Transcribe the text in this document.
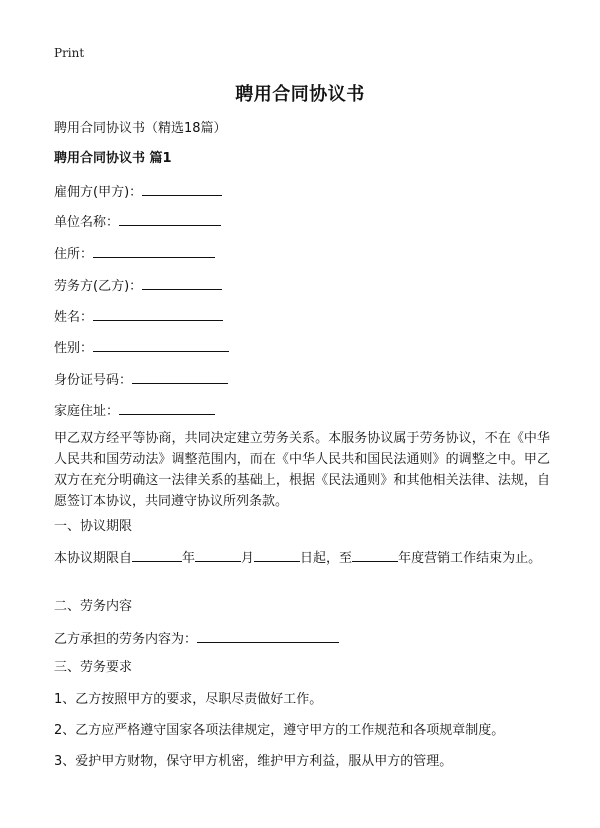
Print
聘用合同协议书
聘用合同协议书（精选18篇）
聘用合同协议书 篇1
雇佣方(甲方)：
单位名称：
住所：
劳务方(乙方)：
姓名：
性别：
身份证号码：
家庭住址：
甲乙双方经平等协商，共同决定建立劳务关系。本服务协议属于劳务协议，不在《中华人民共和国劳动法》调整范围内，而在《中华人民共和国民法通则》的调整之中。甲乙双方在充分明确这一法律关系的基础上，根据《民法通则》和其他相关法律、法规，自愿签订本协议，共同遵守协议所列条款。
一、协议期限
本协议期限自	年	月	日起，至	年度营销工作结束为止。
二、劳务内容
乙方承担的劳务内容为：
三、劳务要求
1、乙方按照甲方的要求，尽职尽责做好工作。
2、乙方应严格遵守国家各项法律规定，遵守甲方的工作规范和各项规章制度。
3、爱护甲方财物，保守甲方机密，维护甲方利益，服从甲方的管理。
